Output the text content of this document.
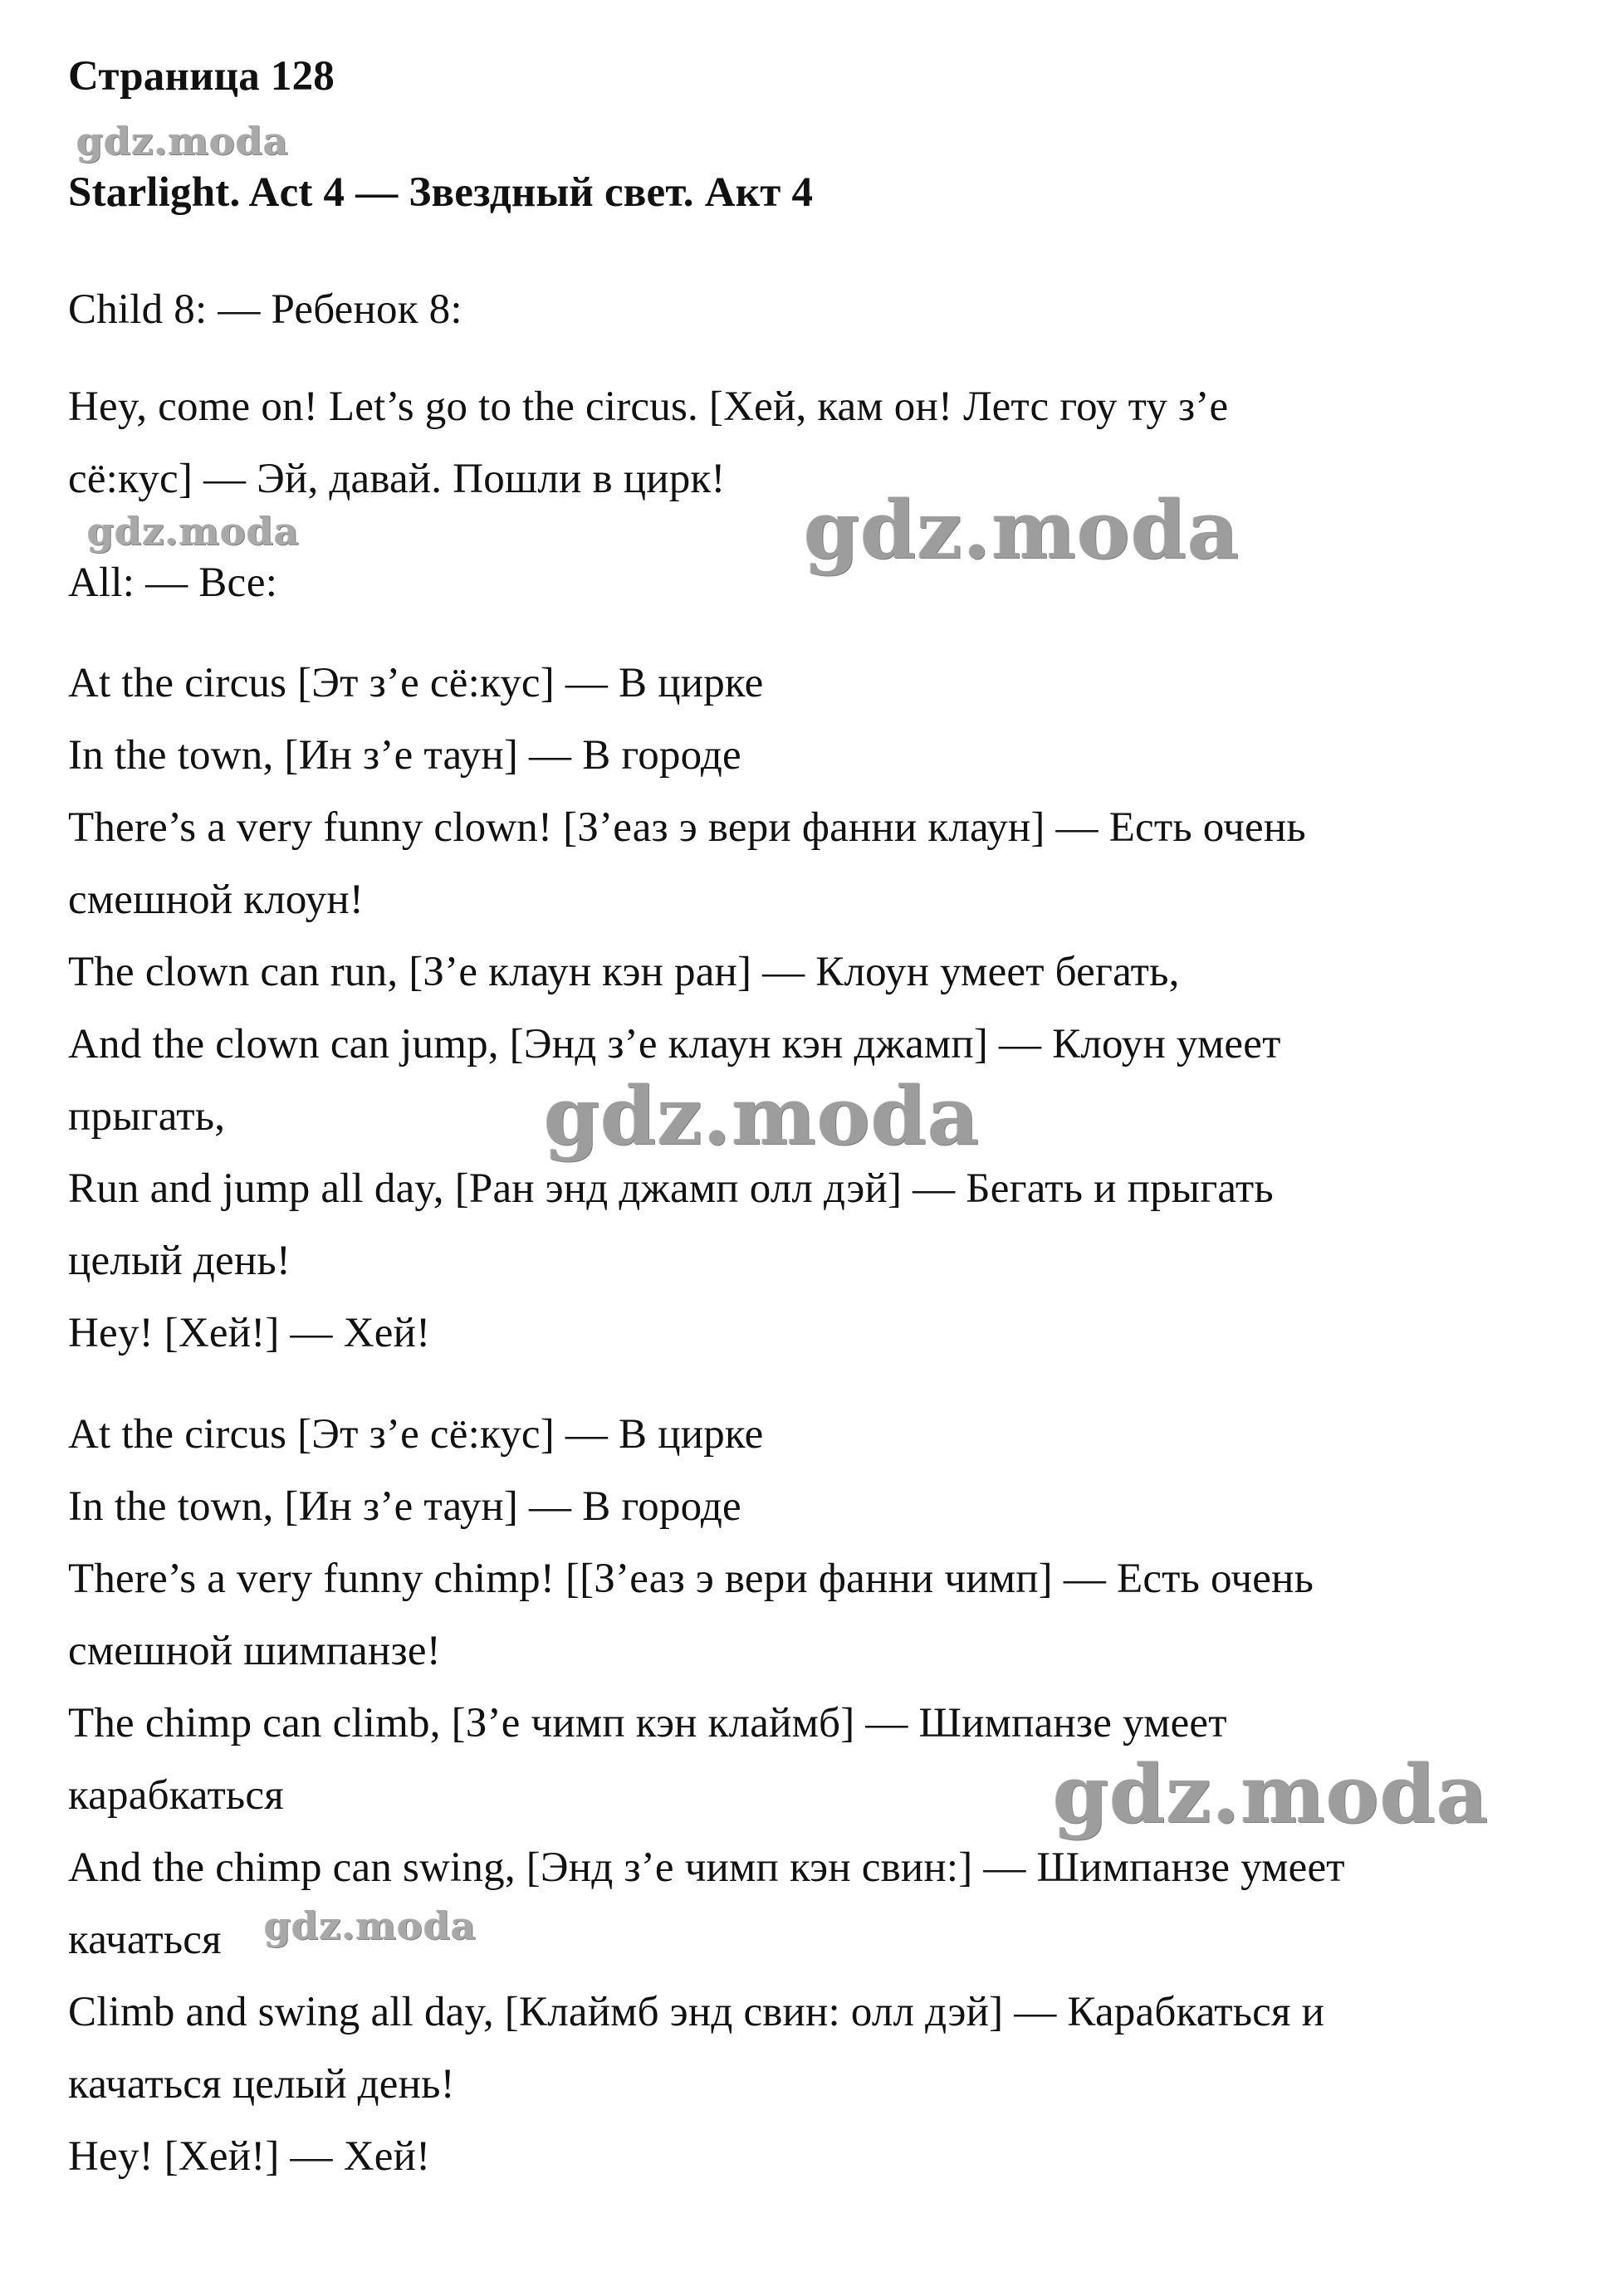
Страница 128
Starlight. Act 4 — Звездный свет. Акт 4
Child 8: — Ребенок 8:
Hey, come on! Let’s go to the circus. [Хей, кам он! Летс гоу ту з’е
сё:кус] — Эй, давай. Пошли в цирк!
All: — Все:
At the circus [Эт з’е сё:кус] — В цирке
In the town, [Ин з’е таун] — В городе
There’s a very funny clown! [З’еаз э вери фанни клаун] — Есть очень
смешной клоун!
The clown can run, [З’е клаун кэн ран] — Клоун умеет бегать,
And the clown can jump, [Энд з’е клаун кэн джамп] — Клоун умеет
прыгать,
Run and jump all day, [Ран энд джамп олл дэй] — Бегать и прыгать
целый день!
Hey! [Хей!] — Хей!
At the circus [Эт з’е сё:кус] — В цирке
In the town, [Ин з’е таун] — В городе
There’s a very funny chimp! [[З’еаз э вери фанни чимп] — Есть очень
смешной шимпанзе!
The chimp can climb, [З’е чимп кэн клаймб] — Шимпанзе умеет
карабкаться
And the chimp can swing, [Энд з’е чимп кэн свин:] — Шимпанзе умеет
качаться
Climb and swing all day, [Клаймб энд свин: олл дэй] — Карабкаться и
качаться целый день!
Hey! [Хей!] — Хей!
gdz.moda
gdz.moda	gdz.moda
gdz.moda
gdz.moda
gdz.moda
